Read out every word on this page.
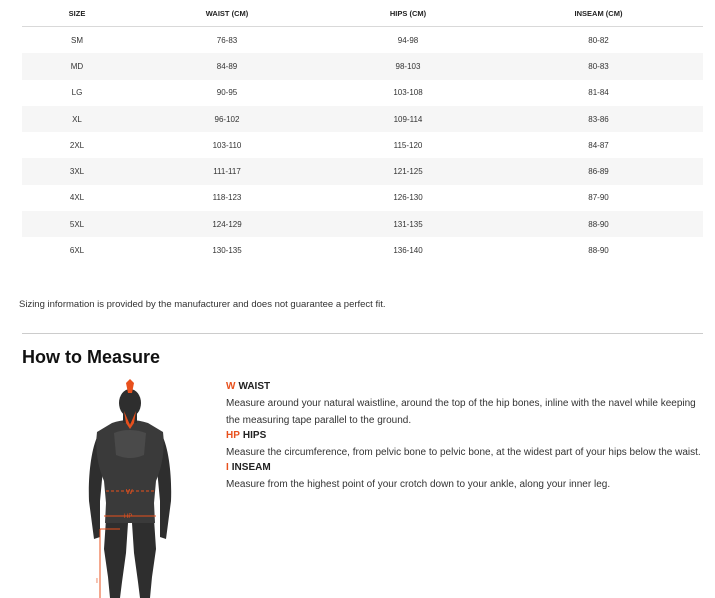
SIZE	WAIST (CM)	HIPS (CM)	INSEAM (CM)
SM	76-83	94-98	80-82
MD	84-89	98-103	80-83
LG	90-95	103-108	81-84
XL	96-102	109-114	83-86
2XL	103-110	115-120	84-87
3XL	111-117	121-125	86-89
4XL	118-123	126-130	87-90
5XL	124-129	131-135	88-90
6XL	130-135	136-140	88-90

Sizing information is provided by the manufacturer and does not guarantee a perfect fit.

How to Measure
W
HP
I

W WAIST

Measure around your natural waistline, around the top of the hip bones, inline with the navel while keeping the measuring tape parallel to the ground.

HP HIPS

Measure the circumference, from pelvic bone to pelvic bone, at the widest part of your hips below the waist.

I INSEAM

Measure from the highest point of your crotch down to your ankle, along your inner leg.
